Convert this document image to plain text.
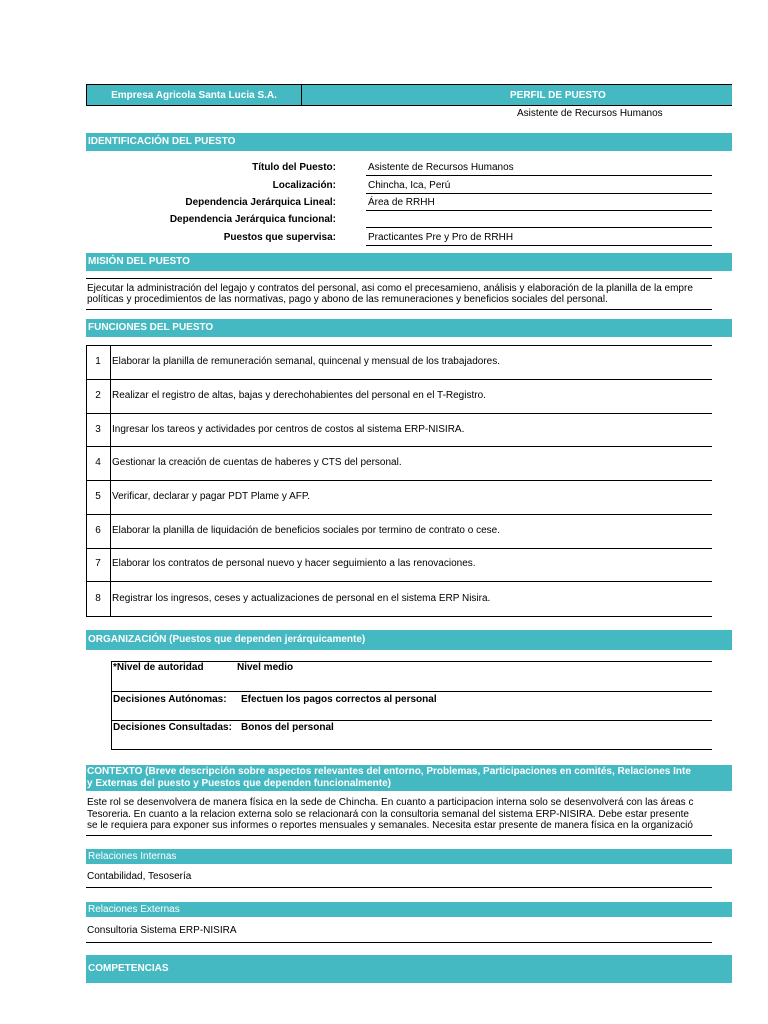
Empresa Agricola Santa Lucia S.A.	PERFIL DE PUESTO
Asistente de Recursos Humanos
IDENTIFICACIÓN DEL PUESTO
Título del Puesto:	Asistente de Recursos Humanos
Localización:	Chincha, Ica, Perú
Dependencia Jerárquica Lineal:	Área de RRHH
Dependencia Jerárquica funcional:
Puestos que supervisa:	Practicantes Pre y Pro de RRHH
MISIÓN DEL PUESTO
Ejecutar la administración del legajo y contratos del personal, asi como el precesamieno, análisis y elaboración de la planilla de la empre
políticas y procedimientos de las normativas, pago y abono de las remuneraciones y beneficios sociales del personal.
FUNCIONES DEL PUESTO
1	Elaborar la planilla de remuneración semanal, quincenal y mensual de los trabajadores.
2	Realizar el registro de altas, bajas y derechohabientes del personal en el T-Registro.
3	Ingresar los tareos y actividades por centros de costos al sistema ERP-NISIRA.
4	Gestionar la creación de cuentas de haberes y CTS del personal.
5	Verificar, declarar y pagar PDT Plame y AFP.
6	Elaborar la planilla de liquidación de beneficios sociales por termino de contrato o cese.
7	Elaborar los contratos de personal nuevo y hacer seguimiento a las renovaciones.
8	Registrar los ingresos, ceses y actualizaciones de personal en el sistema ERP Nisira.
ORGANIZACIÓN (Puestos que dependen jerárquicamente)
*Nivel de autoridad	Nivel medio
Decisiones Autónomas: Efectuen los pagos correctos al personal
Decisiones Consultadas: Bonos del personal
CONTEXTO (Breve descripción sobre aspectos relevantes del entorno, Problemas, Participaciones en comités, Relaciones Inte
y Externas del puesto y Puestos que dependen funcionalmente)
Este rol se desenvolvera de manera física en la sede de Chincha. En cuanto a participacion interna solo se desenvolverá con las áreas c
Tesoreria. En cuanto a la relacion externa solo se relacionará con la consultoria semanal del sistema ERP-NISIRA. Debe estar presente
se le requiera para exponer sus informes o reportes mensuales y semanales. Necesita estar presente de manera física en la organizació
Relaciones Internas
Contabilidad, Tesosería
Relaciones Externas
Consultoria Sistema ERP-NISIRA
COMPETENCIAS
